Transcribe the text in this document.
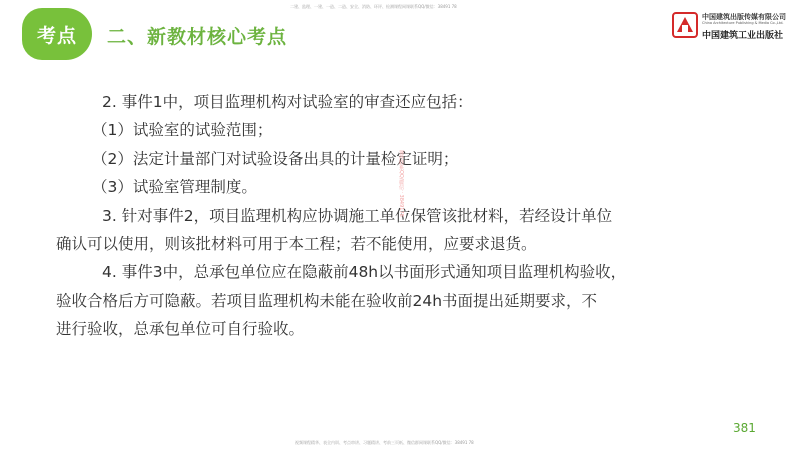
考点 二、新教材核心考点
二建、监理、一建、一造、二造、安全、消防、环评、检测课程网课联系QQ/微信：38491 78
中国建筑出版传媒有限公司
China Architecture Publishing & Media Co.,Ltd.
中国建筑工业出版社

2. 事件1中，项目监理机构对试验室的审查还应包括：

（1）试验室的试验范围；

（2）法定计量部门对试验设备出具的计量检定证明；

（3）试验室管理制度。

3. 针对事件2，项目监理机构应协调施工单位保管该批材料，若经设计单位

确认可以使用，则该批材料可用于本工程；若不能使用，应要求退货。

4. 事件3中，总承包单位应在隐蔽前48h以书面形式通知项目监理机构验收，

验收合格后方可隐蔽。若项目监理机构未能在验收前24h书面提出延期要求，不

进行验收，总承包单位可自行验收。

课件联系QQ/微信：3849178
381
视频课程精华、表全内训、考点串讲、习题精讲、考前三页纸、微信群网课联系QQ/微信：38491 78
